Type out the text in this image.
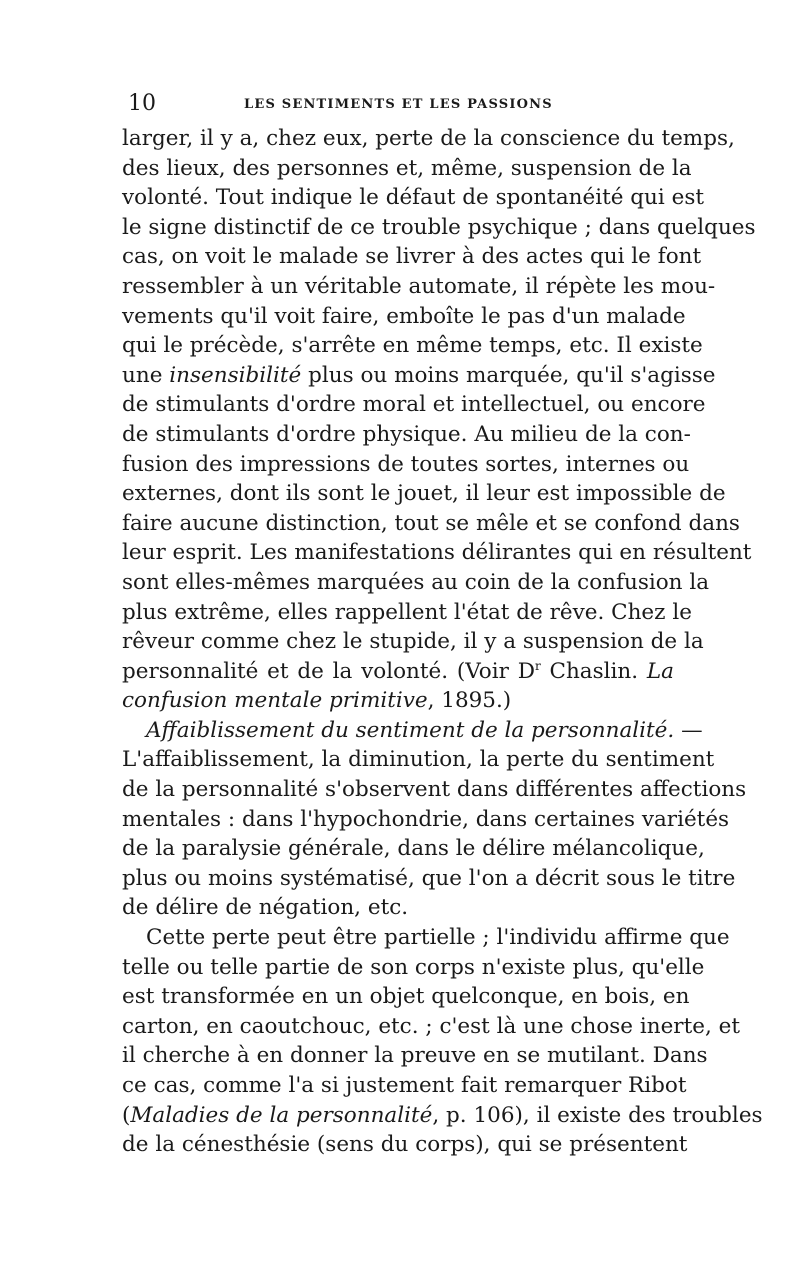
10	LES SENTIMENTS ET LES PASSIONS
larger, il y a, chez eux, perte de la conscience du temps,
des lieux, des personnes et, même, suspension de la
volonté. Tout indique le défaut de spontanéité qui est
le signe distinctif de ce trouble psychique ; dans quelques
cas, on voit le malade se livrer à des actes qui le font
ressembler à un véritable automate, il répète les mou-
vements qu'il voit faire, emboîte le pas d'un malade
qui le précède, s'arrête en même temps, etc. Il existe
une insensibilité plus ou moins marquée, qu'il s'agisse
de stimulants d'ordre moral et intellectuel, ou encore
de stimulants d'ordre physique. Au milieu de la con-
fusion des impressions de toutes sortes, internes ou
externes, dont ils sont le jouet, il leur est impossible de
faire aucune distinction, tout se mêle et se confond dans
leur esprit. Les manifestations délirantes qui en résultent
sont elles-mêmes marquées au coin de la confusion la
plus extrême, elles rappellent l'état de rêve. Chez le
rêveur comme chez le stupide, il y a suspension de la
personnalité et de la volonté. (Voir $D^r$ Chaslin. La
confusion mentale primitive, 1895.)
Affaiblissement du sentiment de la personnalité. —
L'affaiblissement, la diminution, la perte du sentiment
de la personnalité s'observent dans différentes affections
mentales : dans l'hypochondrie, dans certaines variétés
de la paralysie générale, dans le délire mélancolique,
plus ou moins systématisé, que l'on a décrit sous le titre
de délire de négation, etc.
Cette perte peut être partielle ; l'individu affirme que
telle ou telle partie de son corps n'existe plus, qu'elle
est transformée en un objet quelconque, en bois, en
carton, en caoutchouc, etc. ; c'est là une chose inerte, et
il cherche à en donner la preuve en se mutilant. Dans
ce cas, comme l'a si justement fait remarquer Ribot
(Maladies de la personnalité, p. 106), il existe des troubles
de la cénesthésie (sens du corps), qui se présentent
